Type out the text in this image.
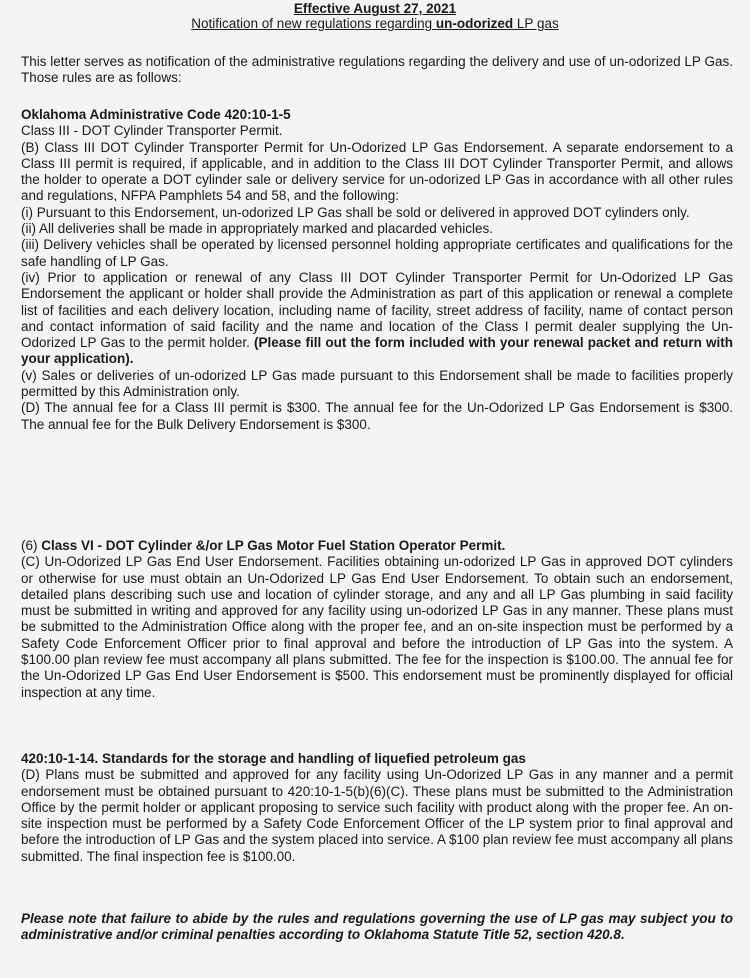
Effective August 27, 2021
Notification of new regulations regarding un-odorized LP gas
This letter serves as notification of the administrative regulations regarding the delivery and use of un-odorized LP Gas. Those rules are as follows:

Oklahoma Administrative Code 420:10-1-5

Class III - DOT Cylinder Transporter Permit.

(B) Class III DOT Cylinder Transporter Permit for Un-Odorized LP Gas Endorsement. A separate endorsement to a Class III permit is required, if applicable, and in addition to the Class III DOT Cylinder Transporter Permit, and allows the holder to operate a DOT cylinder sale or delivery service for un-odorized LP Gas in accordance with all other rules and regulations, NFPA Pamphlets 54 and 58, and the following:

(i) Pursuant to this Endorsement, un-odorized LP Gas shall be sold or delivered in approved DOT cylinders only.

(ii) All deliveries shall be made in appropriately marked and placarded vehicles.

(iii) Delivery vehicles shall be operated by licensed personnel holding appropriate certificates and qualifications for the safe handling of LP Gas.

(iv) Prior to application or renewal of any Class III DOT Cylinder Transporter Permit for Un-Odorized LP Gas Endorsement the applicant or holder shall provide the Administration as part of this application or renewal a complete list of facilities and each delivery location, including name of facility, street address of facility, name of contact person and contact information of said facility and the name and location of the Class I permit dealer supplying the Un-Odorized LP Gas to the permit holder. (Please fill out the form included with your renewal packet and return with your application).

(v) Sales or deliveries of un-odorized LP Gas made pursuant to this Endorsement shall be made to facilities properly permitted by this Administration only.

(D) The annual fee for a Class III permit is $300. The annual fee for the Un-Odorized LP Gas Endorsement is $300. The annual fee for the Bulk Delivery Endorsement is $300.

(6) Class VI - DOT Cylinder &/or LP Gas Motor Fuel Station Operator Permit.

(C) Un-Odorized LP Gas End User Endorsement. Facilities obtaining un-odorized LP Gas in approved DOT cylinders or otherwise for use must obtain an Un-Odorized LP Gas End User Endorsement. To obtain such an endorsement, detailed plans describing such use and location of cylinder storage, and any and all LP Gas plumbing in said facility must be submitted in writing and approved for any facility using un-odorized LP Gas in any manner. These plans must be submitted to the Administration Office along with the proper fee, and an on-site inspection must be performed by a Safety Code Enforcement Officer prior to final approval and before the introduction of LP Gas into the system. A $100.00 plan review fee must accompany all plans submitted. The fee for the inspection is $100.00. The annual fee for the Un-Odorized LP Gas End User Endorsement is $500. This endorsement must be prominently displayed for official inspection at any time.

420:10-1-14. Standards for the storage and handling of liquefied petroleum gas

(D) Plans must be submitted and approved for any facility using Un-Odorized LP Gas in any manner and a permit endorsement must be obtained pursuant to 420:10-1-5(b)(6)(C). These plans must be submitted to the Administration Office by the permit holder or applicant proposing to service such facility with product along with the proper fee. An on-site inspection must be performed by a Safety Code Enforcement Officer of the LP system prior to final approval and before the introduction of LP Gas and the system placed into service. A $100 plan review fee must accompany all plans submitted. The final inspection fee is $100.00.

Please note that failure to abide by the rules and regulations governing the use of LP gas may subject you to administrative and/or criminal penalties according to Oklahoma Statute Title 52, section 420.8.
